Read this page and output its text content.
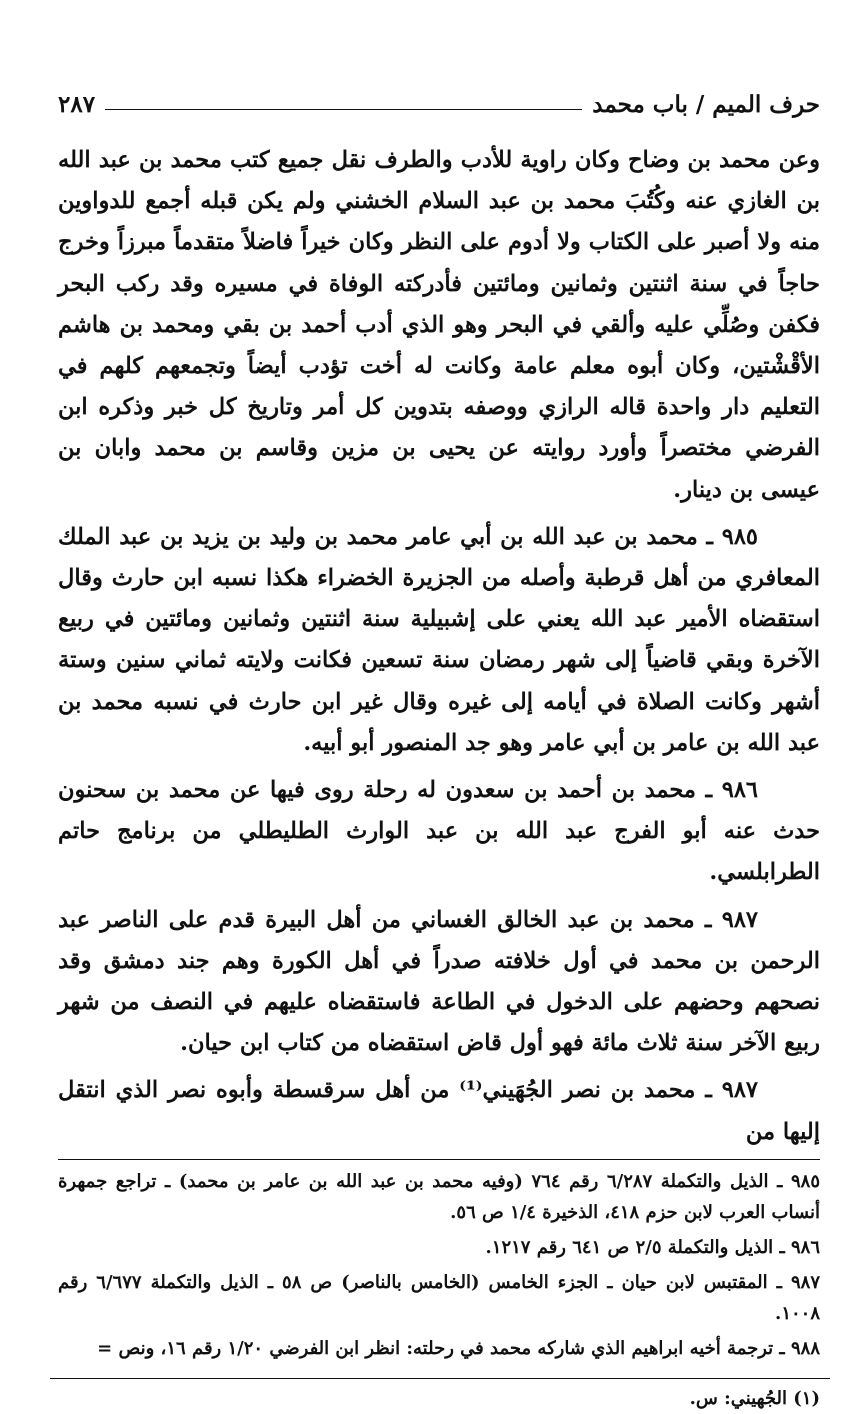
حرف الميم / باب محمد
٢٨٧

وعن محمد بن وضاح وكان راوية للأدب والطرف نقل جميع كتب محمد بن عبد الله بن الغازي عنه وكُتُبَ محمد بن عبد السلام الخشني ولم يكن قبله أجمع للدواوين منه ولا أصبر على الكتاب ولا أدوم على النظر وكان خيراً فاضلاً متقدماً مبرزاً وخرج حاجاً في سنة اثنتين وثمانين ومائتين فأدركته الوفاة في مسيره وقد ركب البحر فكفن وصُلِّي عليه وألقي في البحر وهو الذي أدب أحمد بن بقي ومحمد بن هاشم الأقْشْتين، وكان أبوه معلم عامة وكانت له أخت تؤدب أيضاً وتجمعهم كلهم في التعليم دار واحدة قاله الرازي ووصفه بتدوين كل أمر وتاريخ كل خبر وذكره ابن الفرضي مختصراً وأورد روايته عن يحيى بن مزين وقاسم بن محمد وابان بن عيسى بن دينار.

٩٨٥ ـ محمد بن عبد الله بن أبي عامر محمد بن وليد بن يزيد بن عبد الملك المعافري من أهل قرطبة وأصله من الجزيرة الخضراء هكذا نسبه ابن حارث وقال استقضاه الأمير عبد الله يعني على إشبيلية سنة اثنتين وثمانين ومائتين في ربيع الآخرة وبقي قاضياً إلى شهر رمضان سنة تسعين فكانت ولايته ثماني سنين وستة أشهر وكانت الصلاة في أيامه إلى غيره وقال غير ابن حارث في نسبه محمد بن عبد الله بن عامر بن أبي عامر وهو جد المنصور أبو أبيه.

٩٨٦ ـ محمد بن أحمد بن سعدون له رحلة روى فيها عن محمد بن سحنون حدث عنه أبو الفرج عبد الله بن عبد الوارث الطليطلي من برنامج حاتم الطرابلسي.

٩٨٧ ـ محمد بن عبد الخالق الغساني من أهل البيرة قدم على الناصر عبد الرحمن بن محمد في أول خلافته صدراً في أهل الكورة وهم جند دمشق وقد نصحهم وحضهم على الدخول في الطاعة فاستقضاه عليهم في النصف من شهر ربيع الآخر سنة ثلاث مائة فهو أول قاض استقضاه من كتاب ابن حيان.

٩٨٧ ـ محمد بن نصر الجُهَيني⁽¹⁾ من أهل سرقسطة وأبوه نصر الذي انتقل إليها من

٩٨٥ ـ الذيل والتكملة ٦/٢٨٧ رقم ٧٦٤ (وفيه محمد بن عبد الله بن عامر بن محمد) ـ تراجع جمهرة أنساب العرب لابن حزم ٤١٨، الذخيرة ١/٤ ص ٥٦.

٩٨٦ ـ الذيل والتكملة ٢/٥ ص ٦٤١ رقم ١٢١٧.

٩٨٧ ـ المقتبس لابن حيان ـ الجزء الخامس (الخامس بالناصر) ص ٥٨ ـ الذيل والتكملة ٦/٦٧٧ رقم ١٠٠٨.

٩٨٨ ـ ترجمة أخيه ابراهيم الذي شاركه محمد في رحلته: انظر ابن الفرضي ١/٢٠ رقم ١٦، ونص =

(١) الجُهيني: س.
